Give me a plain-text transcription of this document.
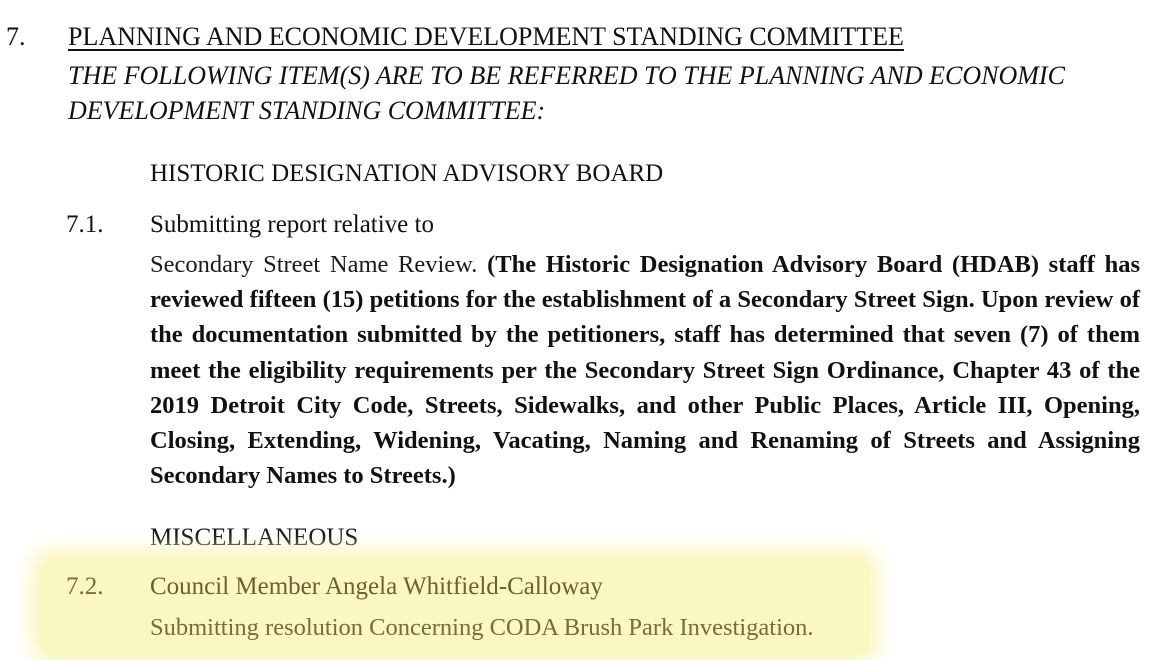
7. PLANNING AND ECONOMIC DEVELOPMENT STANDING COMMITTEE
THE FOLLOWING ITEM(S) ARE TO BE REFERRED TO THE PLANNING AND ECONOMIC DEVELOPMENT STANDING COMMITTEE:
HISTORIC DESIGNATION ADVISORY BOARD
7.1. Submitting report relative to
Secondary Street Name Review. (The Historic Designation Advisory Board (HDAB) staff has reviewed fifteen (15) petitions for the establishment of a Secondary Street Sign. Upon review of the documentation submitted by the petitioners, staff has determined that seven (7) of them meet the eligibility requirements per the Secondary Street Sign Ordinance, Chapter 43 of the 2019 Detroit City Code, Streets, Sidewalks, and other Public Places, Article III, Opening, Closing, Extending, Widening, Vacating, Naming and Renaming of Streets and Assigning Secondary Names to Streets.)
MISCELLANEOUS
7.2. Council Member Angela Whitfield-Calloway
Submitting resolution Concerning CODA Brush Park Investigation.
